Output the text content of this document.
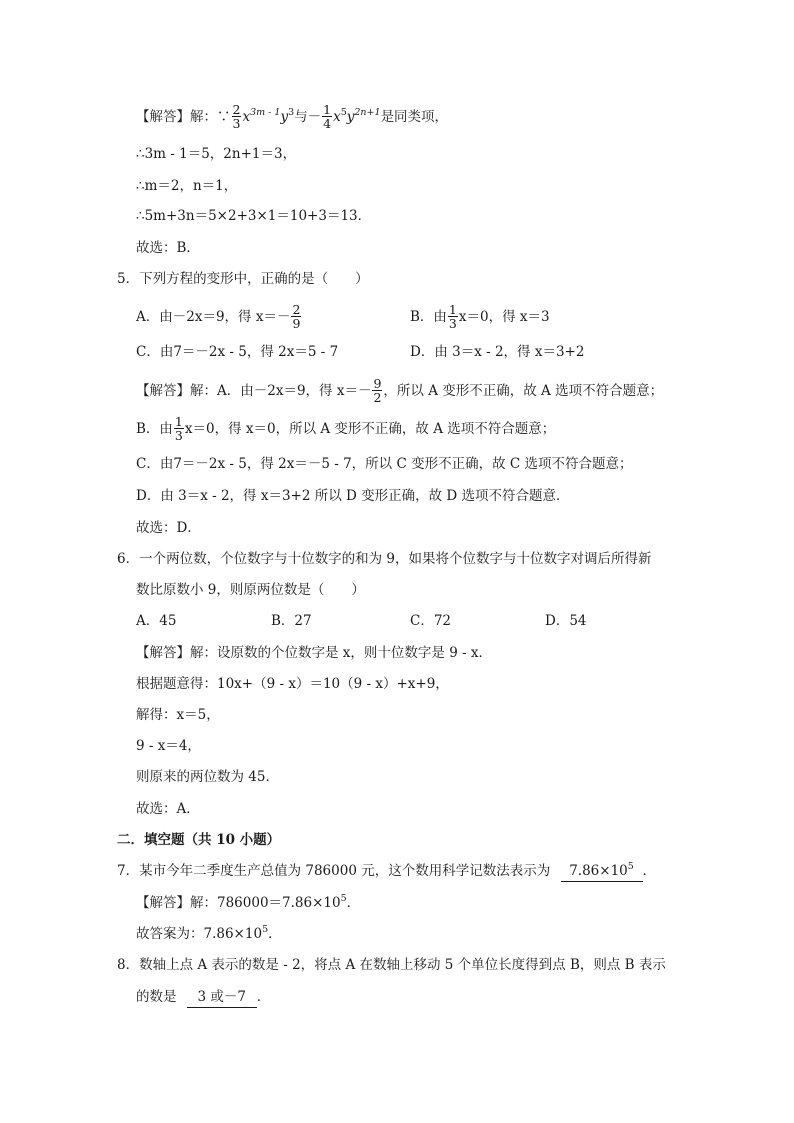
【解答】解：∵ $\frac{2}{3} x^{3m - 1}y^3$与－ $\frac{1}{4} x^5y^{2n+1}$是同类项，
∴3m - 1＝5，2n+1＝3，
∴m＝2，n＝1，
∴5m+3n＝5×2+3×1＝10+3＝13．
故选：B．
5．下列方程的变形中，正确的是（　　）
A．由－2x＝9，得 $x=- \frac{2}{9}$	B．由 $\frac{1}{3} x=0$，得 x＝3
C．由7＝－2x - 5，得 2x＝5 - 7	D．由 3＝x - 2，得 x＝3+2
【解答】解：A．由－2x＝9，得 $x=- \frac{9}{2}$ ，所以 A 变形不正确，故 A 选项不符合题意；
B．由 $\frac{1}{3} x=0$，得 x＝0，所以 A 变形不正确，故 A 选项不符合题意；
C．由7＝－2x - 5，得 2x＝－5 - 7，所以 C 变形不正确，故 C 选项不符合题意；
D．由 3＝x - 2，得 x＝3+2 所以 D 变形正确，故 D 选项不符合题意．
故选：D．
6．一个两位数，个位数字与十位数字的和为 9，如果将个位数字与十位数字对调后所得新
数比原数小 9，则原两位数是（　　）
A．45	B．27	C．72	D．54
【解答】解：设原数的个位数字是 x，则十位数字是 9 - x．
根据题意得：10x+（9 - x）＝10（9 - x）+x+9，
解得：x＝5，
9 - x＝4，
则原来的两位数为 45．
故选：A．
二．填空题（共 10 小题）
7．某市今年二季度生产总值为 786000 元，这个数用科学记数法表示为 $7.86\times 10^5$ ．
【解答】解：$786000=7.86\times 10^5$．
故答案为：$7.86\times 10^5$．
8．数轴上点 A 表示的数是 - 2，将点 A 在数轴上移动 5 个单位长度得到点 B，则点 B 表示
的数是 3 或－7 ．
